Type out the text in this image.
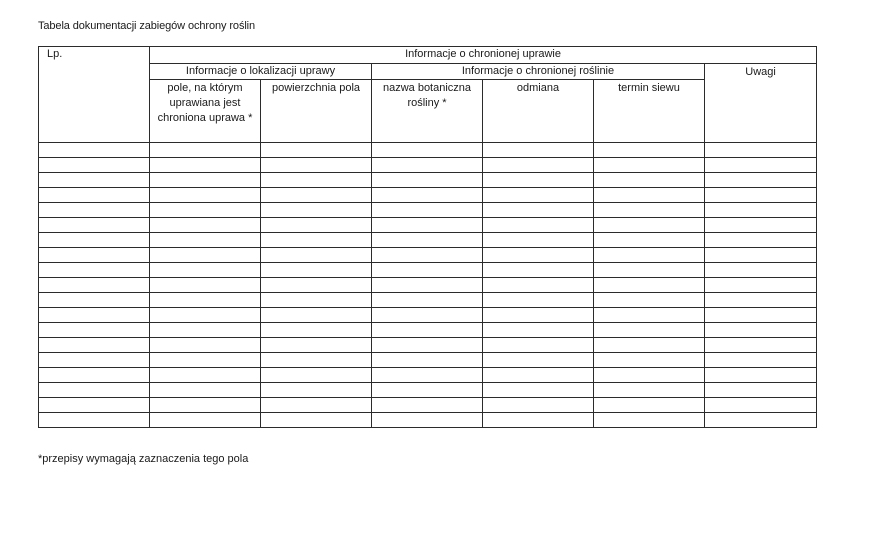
Tabela dokumentacji zabiegów ochrony roślin
Lp.	Informacje o chronionej uprawie					
	Informacje o lokalizacji uprawy		Informacje o chronionej roślinie			Uwagi
	pole, na którym uprawiana jest chroniona uprawa *	powierzchnia pola	nazwa botaniczna rośliny *	odmiana	termin siewu	

*przepisy wymagają zaznaczenia tego pola
